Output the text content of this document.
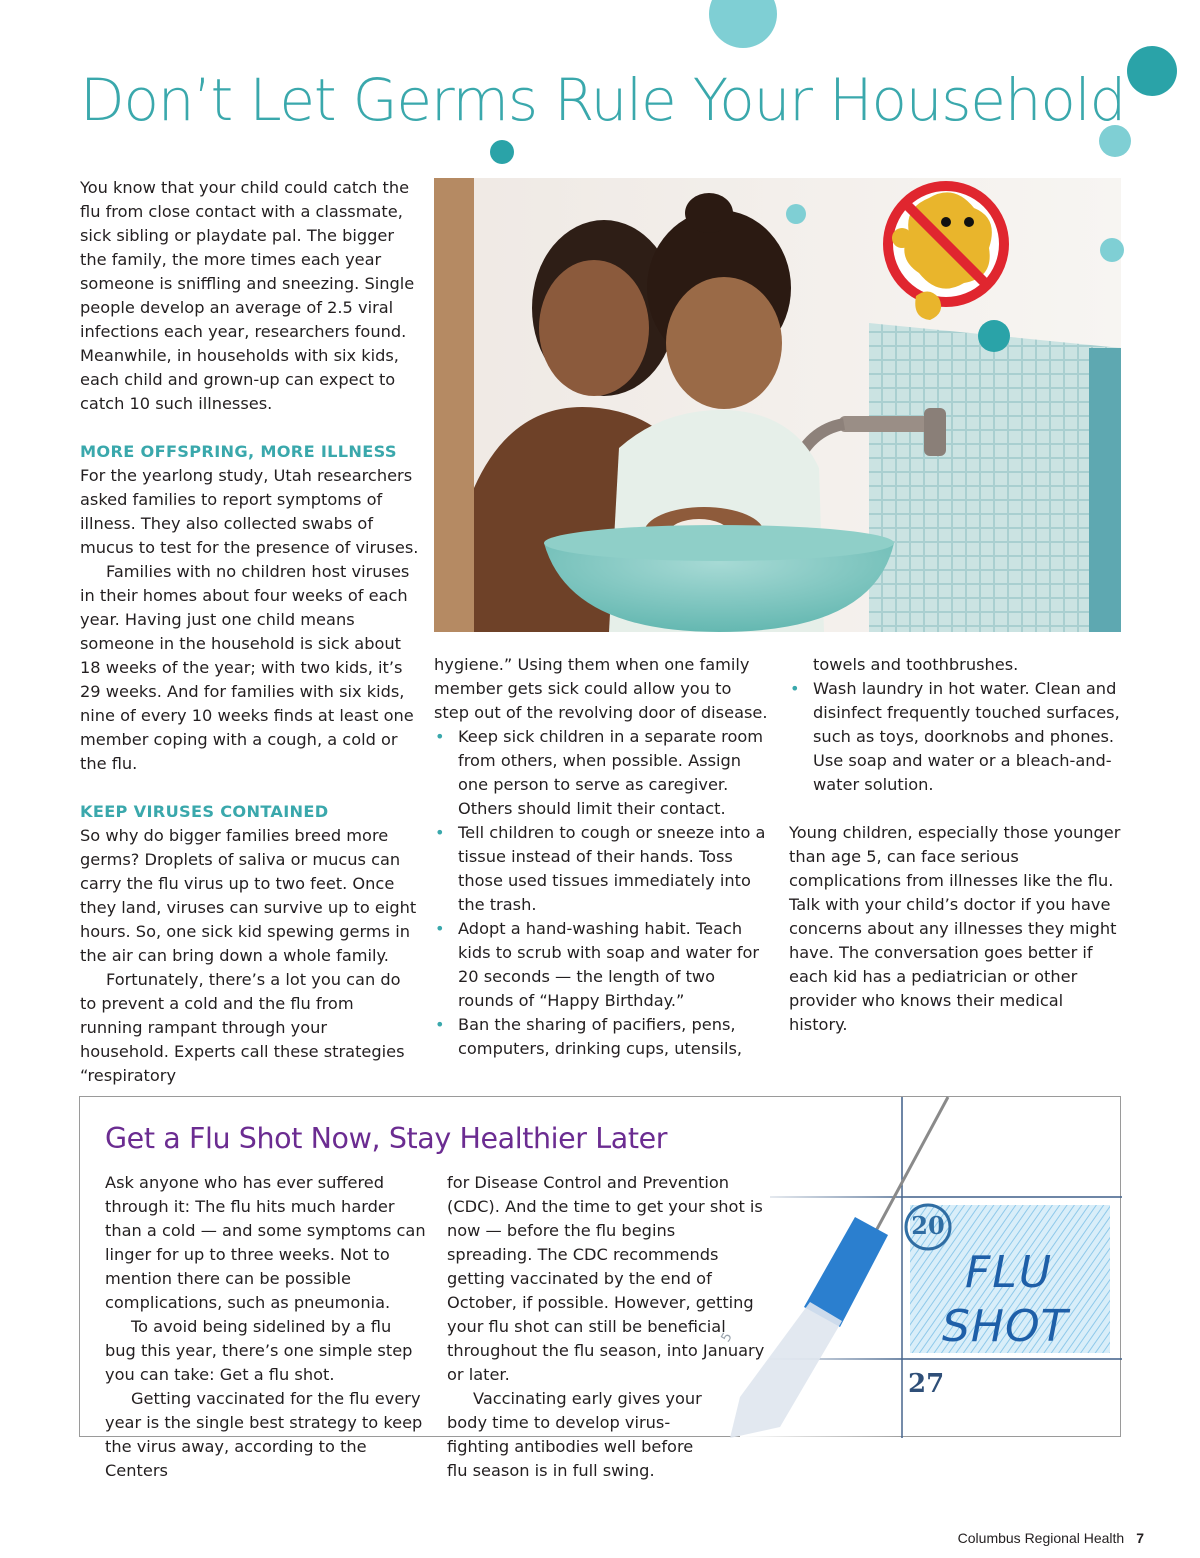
Don’t Let Germs Rule Your Household

You know that your child could catch the flu from close contact with a classmate, sick sibling or playdate pal. The bigger the family, the more times each year someone is sniffling and sneezing. Single people develop an average of 2.5 viral infections each year, researchers found. Meanwhile, in households with six kids, each child and grown-up can expect to catch 10 such illnesses.

MORE OFFSPRING, MORE ILLNESS

For the yearlong study, Utah researchers asked families to report symptoms of illness. They also collected swabs of mucus to test for the presence of viruses.

Families with no children host viruses in their homes about four weeks of each year. Having just one child means someone in the household is sick about 18 weeks of the year; with two kids, it’s 29 weeks. And for families with six kids, nine of every 10 weeks finds at least one member coping with a cough, a cold or the flu.

KEEP VIRUSES CONTAINED

So why do bigger families breed more germs? Droplets of saliva or mucus can carry the flu virus up to two feet. Once they land, viruses can survive up to eight hours. So, one sick kid spewing germs in the air can bring down a whole family.

Fortunately, there’s a lot you can do to prevent a cold and the flu from running rampant through your household. Experts call these strategies “respiratory

hygiene.” Using them when one family member gets sick could allow you to step out of the revolving door of disease.

• Keep sick children in a separate room from others, when possible. Assign one person to serve as caregiver. Others should limit their contact.
• Tell children to cough or sneeze into a tissue instead of their hands. Toss those used tissues immediately into the trash.
• Adopt a hand-washing habit. Teach kids to scrub with soap and water for 20 seconds — the length of two rounds of “Happy Birthday.”
• Ban the sharing of pacifiers, pens, computers, drinking cups, utensils,

towels and toothbrushes.

• Wash laundry in hot water. Clean and disinfect frequently touched surfaces, such as toys, doorknobs and phones. Use soap and water or a bleach-and-water solution.

Young children, especially those younger than age 5, can face serious complications from illnesses like the flu. Talk with your child’s doctor if you have concerns about any illnesses they might have. The conversation goes better if each kid has a pediatrician or other provider who knows their medical history.

Get a Flu Shot Now, Stay Healthier Later

Ask anyone who has ever suffered through it: The flu hits much harder than a cold — and some symptoms can linger for up to three weeks. Not to mention there can be possible complications, such as pneumonia.

To avoid being sidelined by a flu bug this year, there’s one simple step you can take: Get a flu shot.

Getting vaccinated for the flu every year is the single best strategy to keep the virus away, according to the Centers

for Disease Control and Prevention (CDC). And the time to get your shot is now — before the flu begins spreading. The CDC recommends getting vaccinated by the end of October, if possible. However, getting your flu shot can still be beneficial throughout the flu season, into January or later.

Vaccinating early gives your body time to develop virus-fighting antibodies well before flu season is in full swing.

20
27
FLU
SHOT
5
Columbus Regional Health 7
